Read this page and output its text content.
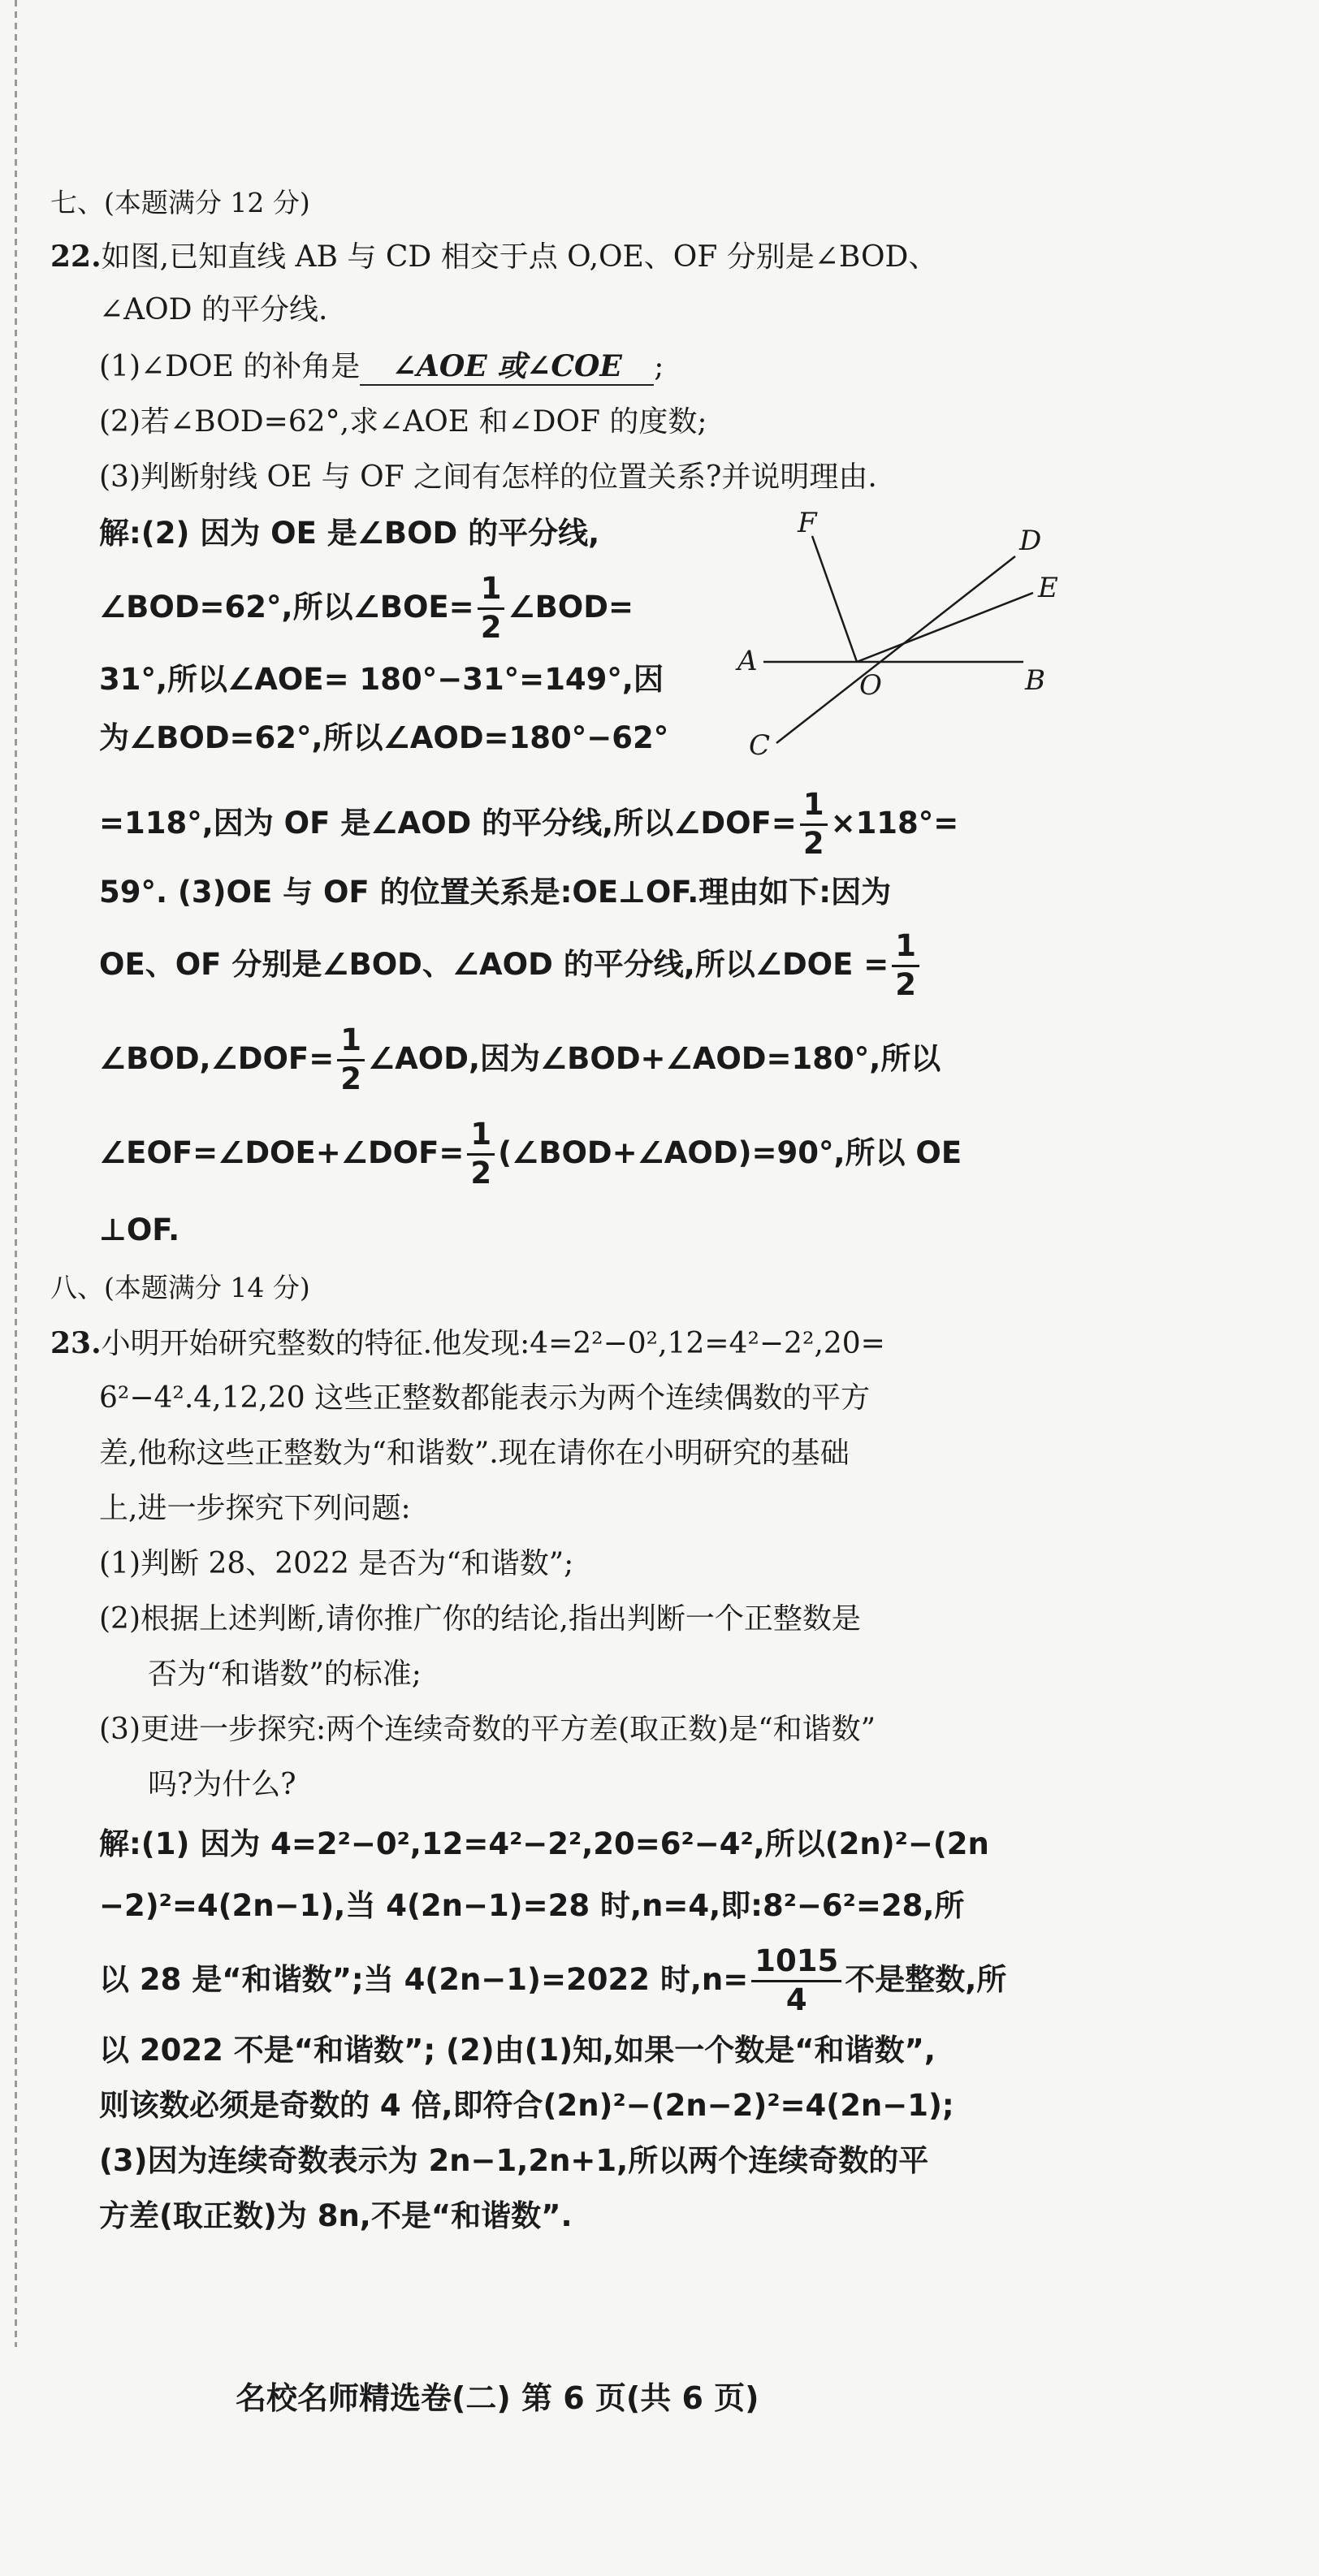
七、(本题满分 12 分)
22.如图,已知直线 AB 与 CD 相交于点 O,OE、OF 分别是∠BOD、
∠AOD 的平分线.
(1)∠DOE 的补角是 ∠AOE 或∠COE ;
(2)若∠BOD=62°,求∠AOE 和∠DOF 的度数;
(3)判断射线 OE 与 OF 之间有怎样的位置关系?并说明理由.
解:(2) 因为 OE 是∠BOD 的平分线,
∠BOD=62°,所以∠BOE= $\frac{1}{2}$ ∠BOD=
31°,所以∠AOE= 180°−31°=149°,因
为∠BOD=62°,所以∠AOD=180°−62°
F
D
E
A
O	B
C
=118°,因为 OF 是∠AOD 的平分线,所以∠DOF= $\frac{1}{2} \times 118^\circ=$
59°. (3)OE 与 OF 的位置关系是:OE⊥OF.理由如下:因为
OE、OF 分别是∠BOD、∠AOD 的平分线,所以∠DOE = $\frac{1}{2}$
∠BOD,∠DOF= $\frac{1}{2}$ ∠AOD,因为∠BOD+∠AOD=180°,所以
∠EOF=∠DOE+∠DOF= $\frac{1}{2}$ (∠BOD+∠AOD)=90°,所以 OE
⊥OF.
八、(本题满分 14 分)
23.小明开始研究整数的特征.他发现:4=2²−0²,12=4²−2²,20=
6²−4².4,12,20 这些正整数都能表示为两个连续偶数的平方
差,他称这些正整数为“和谐数”.现在请你在小明研究的基础
上,进一步探究下列问题:
(1)判断 28、2022 是否为“和谐数”;
(2)根据上述判断,请你推广你的结论,指出判断一个正整数是
否为“和谐数”的标准;
(3)更进一步探究:两个连续奇数的平方差(取正数)是“和谐数”
吗?为什么?
解:(1) 因为 4=2²−0²,12=4²−2²,20=6²−4²,所以(2n)²−(2n
−2)²=4(2n−1),当 4(2n−1)=28 时,n=4,即:8²−6²=28,所
以 28 是“和谐数”;当 4(2n−1)=2022 时$,n= \frac{1015}{4}$ 不是整数,所
以 2022 不是“和谐数”; (2)由(1)知,如果一个数是“和谐数”,
则该数必须是奇数的 4 倍,即符合(2n)²−(2n−2)²=4(2n−1);
(3)因为连续奇数表示为 2n−1,2n+1,所以两个连续奇数的平
方差(取正数)为 8n,不是“和谐数”.
名校名师精选卷(二) 第 6 页(共 6 页)
